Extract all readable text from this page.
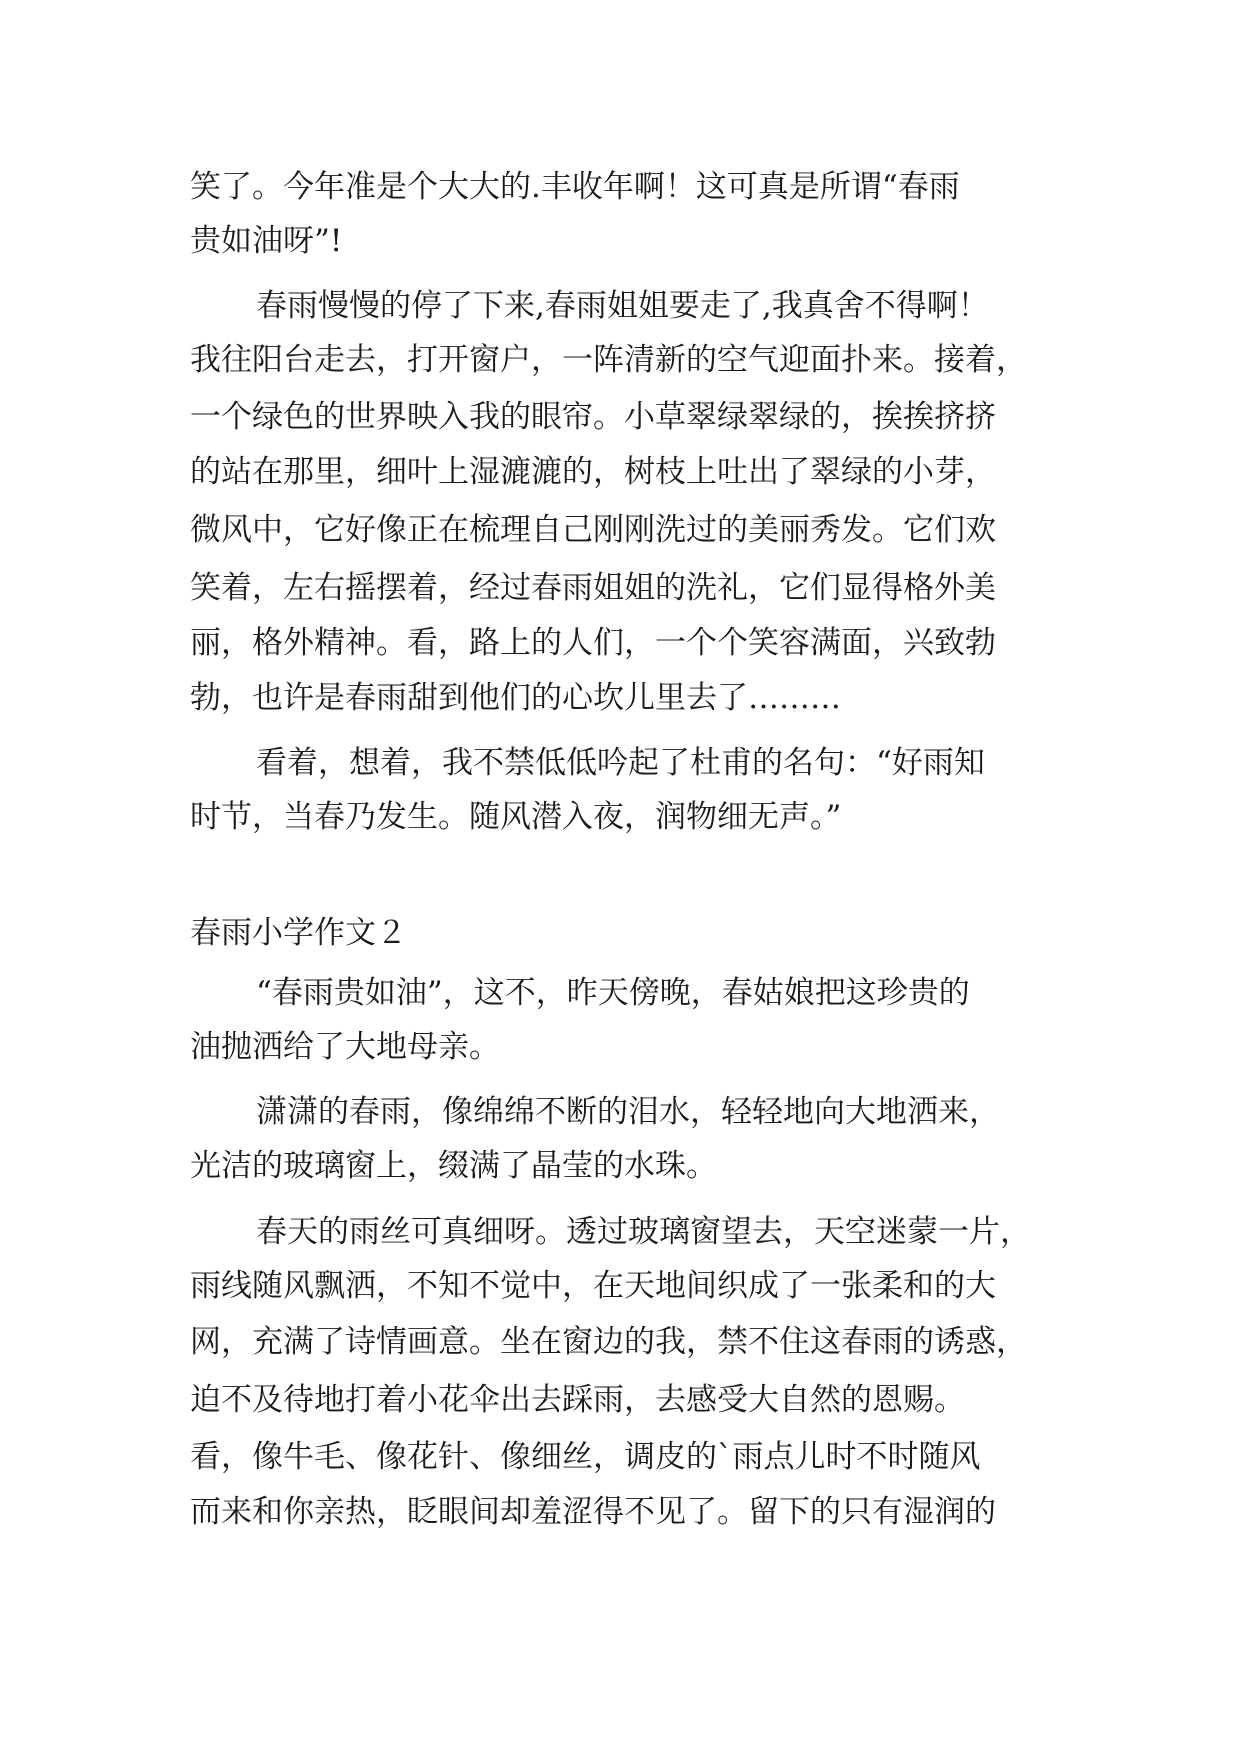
笑了。今年准是个大大的.丰收年啊！这可真是所谓“春雨
贵如油呀”!
春雨慢慢的停了下来,春雨姐姐要走了,我真舍不得啊！
我往阳台走去，打开窗户，一阵清新的空气迎面扑来。接着，
一个绿色的世界映入我的眼帘。小草翠绿翠绿的，挨挨挤挤
的站在那里，细叶上湿漉漉的，树枝上吐出了翠绿的小芽，
微风中，它好像正在梳理自己刚刚洗过的美丽秀发。它们欢
笑着，左右摇摆着，经过春雨姐姐的洗礼，它们显得格外美
丽，格外精神。看，路上的人们，一个个笑容满面，兴致勃
勃，也许是春雨甜到他们的心坎儿里去了………
看着，想着，我不禁低低吟起了杜甫的名句：“好雨知
时节，当春乃发生。随风潜入夜，润物细无声。”
春雨小学作文２
“春雨贵如油”，这不，昨天傍晚，春姑娘把这珍贵的
油抛洒给了大地母亲。
潇潇的春雨，像绵绵不断的泪水，轻轻地向大地洒来，
光洁的玻璃窗上，缀满了晶莹的水珠。
春天的雨丝可真细呀。透过玻璃窗望去，天空迷蒙一片，
雨线随风飘洒，不知不觉中，在天地间织成了一张柔和的大
网，充满了诗情画意。坐在窗边的我，禁不住这春雨的诱惑，
迫不及待地打着小花伞出去踩雨，去感受大自然的恩赐。
看，像牛毛、像花针、像细丝，调皮的`雨点儿时不时随风
而来和你亲热，眨眼间却羞涩得不见了。留下的只有湿润的
